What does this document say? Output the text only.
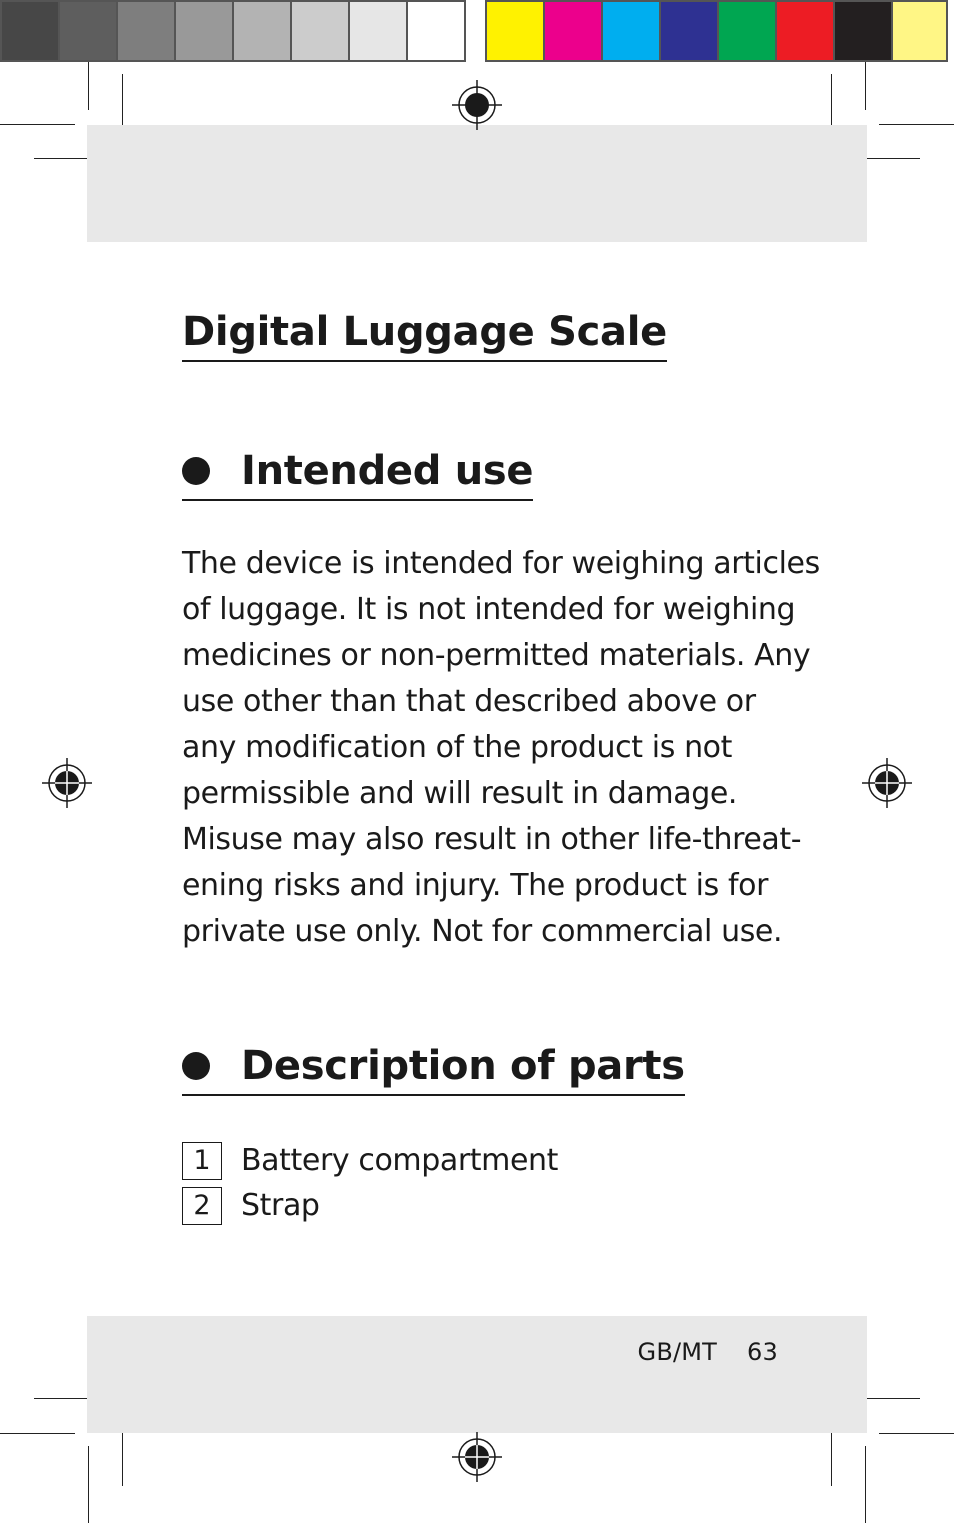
Digital Luggage Scale
Intended use
The device is intended for weighing articles
of luggage. It is not intended for weighing
medicines or non-permitted materials. Any
use other than that described above or
any modification of the product is not
permissible and will result in damage.
Misuse may also result in other life-threat-
ening risks and injury. The product is for
private use only. Not for commercial use.
Description of parts
1	Battery compartment
2	Strap
GB/MT 63
